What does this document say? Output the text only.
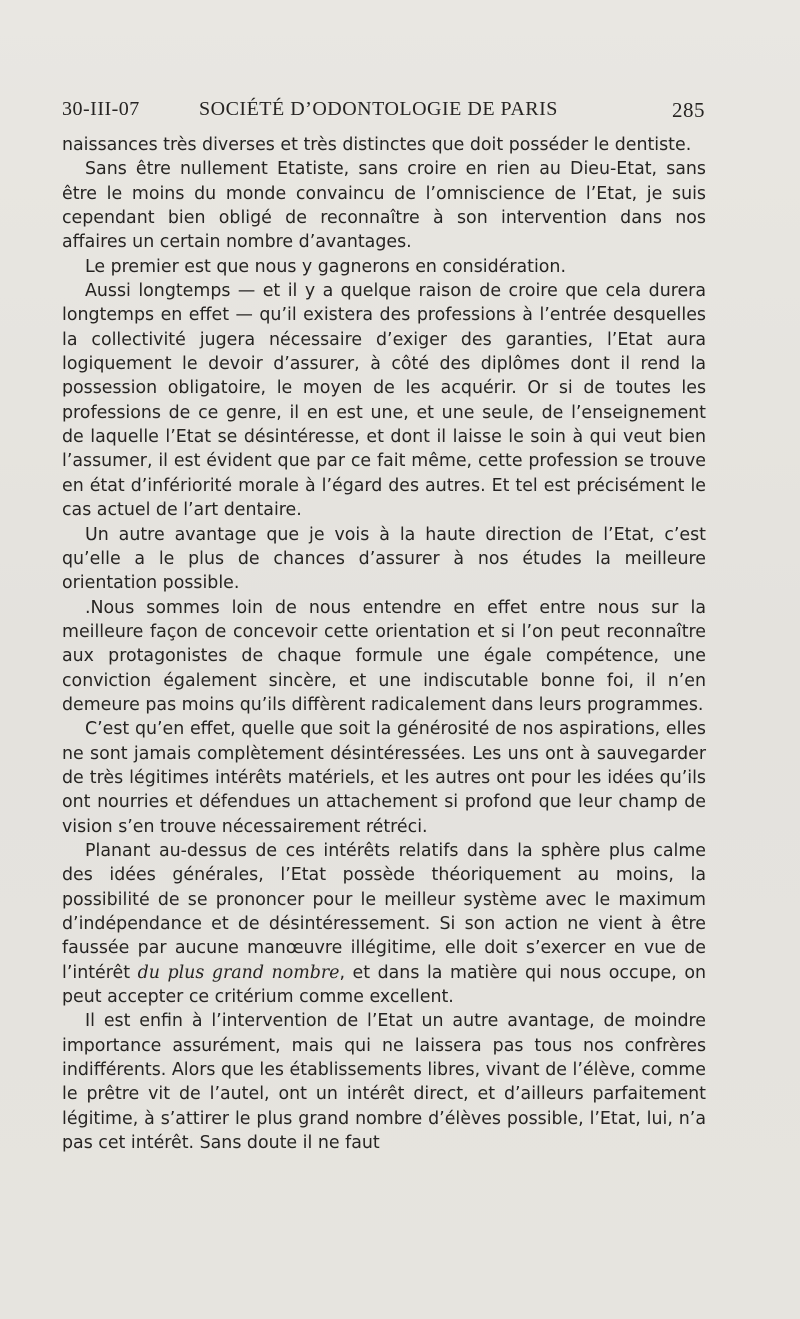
30-III-07	SOCIÉTÉ D’ODONTOLOGIE DE PARIS	285

naissances très diverses et très distinctes que doit posséder le dentiste.

Sans être nullement Etatiste, sans croire en rien au Dieu-Etat, sans être le moins du monde convaincu de l’omniscience de l’Etat, je suis cependant bien obligé de reconnaître à son intervention dans nos affaires un certain nombre d’avantages.

Le premier est que nous y gagnerons en considération.

Aussi longtemps — et il y a quelque raison de croire que cela durera longtemps en effet — qu’il existera des professions à l’entrée desquelles la collectivité jugera nécessaire d’exiger des garanties, l’Etat aura logiquement le devoir d’assurer, à côté des diplômes dont il rend la possession obligatoire, le moyen de les acquérir. Or si de toutes les professions de ce genre, il en est une, et une seule, de l’enseignement de laquelle l’Etat se désintéresse, et dont il laisse le soin à qui veut bien l’assumer, il est évident que par ce fait même, cette profession se trouve en état d’infériorité morale à l’égard des autres. Et tel est précisément le cas actuel de l’art dentaire.

Un autre avantage que je vois à la haute direction de l’Etat, c’est qu’elle a le plus de chances d’assurer à nos études la meilleure orientation possible.

.Nous sommes loin de nous entendre en effet entre nous sur la meilleure façon de concevoir cette orientation et si l’on peut reconnaître aux protagonistes de chaque formule une égale compétence, une conviction également sincère, et une indiscutable bonne foi, il n’en demeure pas moins qu’ils diffèrent radicalement dans leurs programmes.

C’est qu’en effet, quelle que soit la générosité de nos aspirations, elles ne sont jamais complètement désintéressées. Les uns ont à sauvegarder de très légitimes intérêts matériels, et les autres ont pour les idées qu’ils ont nourries et défendues un attachement si profond que leur champ de vision s’en trouve nécessairement rétréci.

Planant au-dessus de ces intérêts relatifs dans la sphère plus calme des idées générales, l’Etat possède théoriquement au moins, la possibilité de se prononcer pour le meilleur système avec le maximum d’indépendance et de désintéressement. Si son action ne vient à être faussée par aucune manœuvre illégitime, elle doit s’exercer en vue de l’intérêt du plus grand nombre, et dans la matière qui nous occupe, on peut accepter ce critérium comme excellent.

Il est enfin à l’intervention de l’Etat un autre avantage, de moindre importance assurément, mais qui ne laissera pas tous nos confrères indifférents. Alors que les établissements libres, vivant de l’élève, comme le prêtre vit de l’autel, ont un intérêt direct, et d’ailleurs parfaitement légitime, à s’attirer le plus grand nombre d’élèves possible, l’Etat, lui, n’a pas cet intérêt. Sans doute il ne faut
